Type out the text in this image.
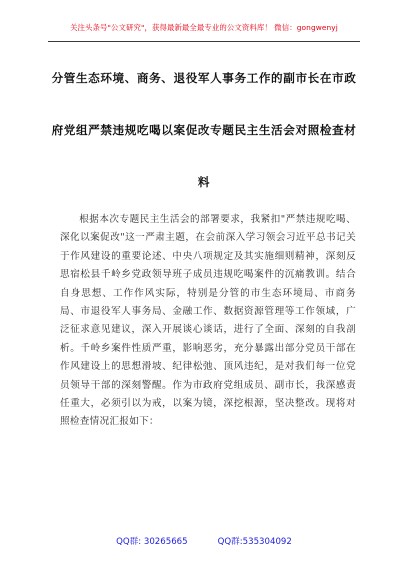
关注头条号"公文研究"，获得最新最全最专业的公文资料库！ 微信：gongwenyj
分管生态环境、商务、退役军人事务工作的副市长在市政
府党组严禁违规吃喝以案促改专题民主生活会对照检查材
料

根据本次专题民主生活会的部署要求，我紧扣"严禁违规吃喝、深化以案促改"这一严肃主题，在会前深入学习领会习近平总书记关于作风建设的重要论述、中央八项规定及其实施细则精神，深刻反思宿松县千岭乡党政领导班子成员违规吃喝案件的沉痛教训。结合自身思想、工作作风实际，特别是分管的市生态环境局、市商务局、市退役军人事务局、金融工作、数据资源管理等工作领域，广泛征求意见建议，深入开展谈心谈话，进行了全面、深刻的自我剖析。千岭乡案件性质严重，影响恶劣，充分暴露出部分党员干部在作风建设上的思想滑坡、纪律松弛、顶风违纪，是对我们每一位党员领导干部的深刻警醒。作为市政府党组成员、副市长，我深感责任重大，必须引以为戒，以案为镜，深挖根源，坚决整改。现将对照检查情况汇报如下：

QQ群: 30265665	QQ群:535304092
